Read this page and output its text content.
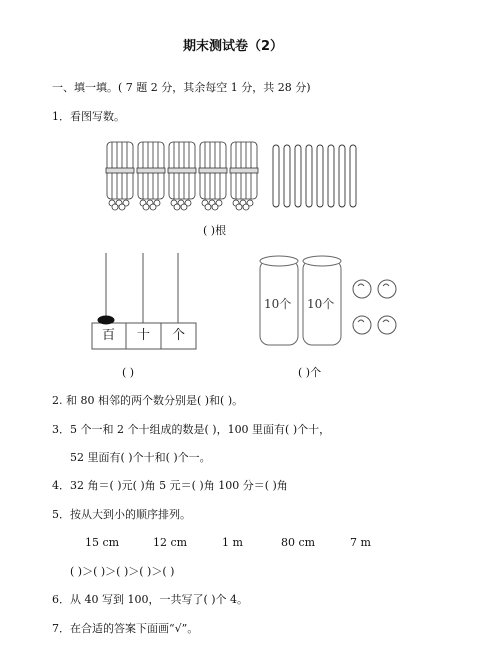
期末测试卷（2）
一、填一填。( 7 题 2 分，其余每空 1 分，共 28 分)
1．看图写数。
( )根
百 十 个
10个 10个
( )	( )个
2. 和 80 相邻的两个数分别是( )和( )。
3．5 个一和 2 个十组成的数是( )，100 里面有( )个十，
52 里面有( )个十和( )个一。
4．32 角＝( )元( )角 5 元＝( )角 100 分＝( )角
5．按从大到小的顺序排列。
15 cm	12 cm	1 m	80 cm	7 m
( )＞( )＞( )＞( )＞( )
6．从 40 写到 100，一共写了( )个 4。
7．在合适的答案下面画“√”。
